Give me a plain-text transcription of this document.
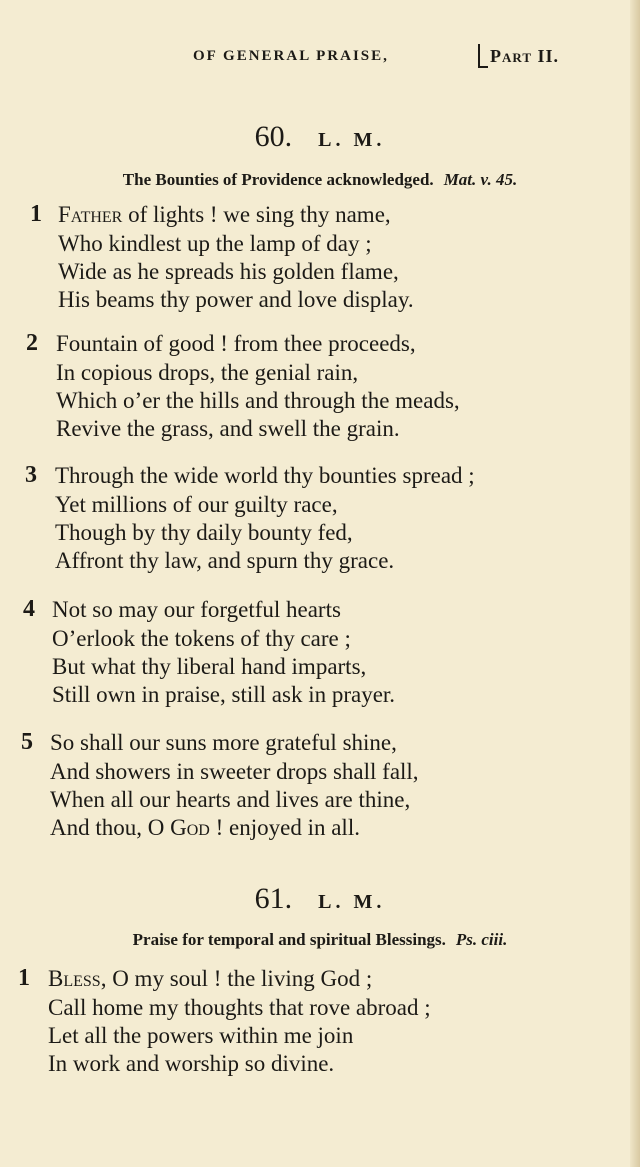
OF GENERAL PRAISE,	Part II.
60. L. M.
The Bounties of Providence acknowledged. Mat. v. 45.
1 Father of lights ! we sing thy name,
Who kindlest up the lamp of day ;
Wide as he spreads his golden flame,
His beams thy power and love display.
2 Fountain of good ! from thee proceeds,
In copious drops, the genial rain,
Which o’er the hills and through the meads,
Revive the grass, and swell the grain.
3 Through the wide world thy bounties spread ;
Yet millions of our guilty race,
Though by thy daily bounty fed,
Affront thy law, and spurn thy grace.
4 Not so may our forgetful hearts
O’erlook the tokens of thy care ;
But what thy liberal hand imparts,
Still own in praise, still ask in prayer.
5 So shall our suns more grateful shine,
And showers in sweeter drops shall fall,
When all our hearts and lives are thine,
And thou, O God ! enjoyed in all.
61. L. M.
Praise for temporal and spiritual Blessings. Ps. ciii.
1 Bless, O my soul ! the living God ;
Call home my thoughts that rove abroad ;
Let all the powers within me join
In work and worship so divine.
